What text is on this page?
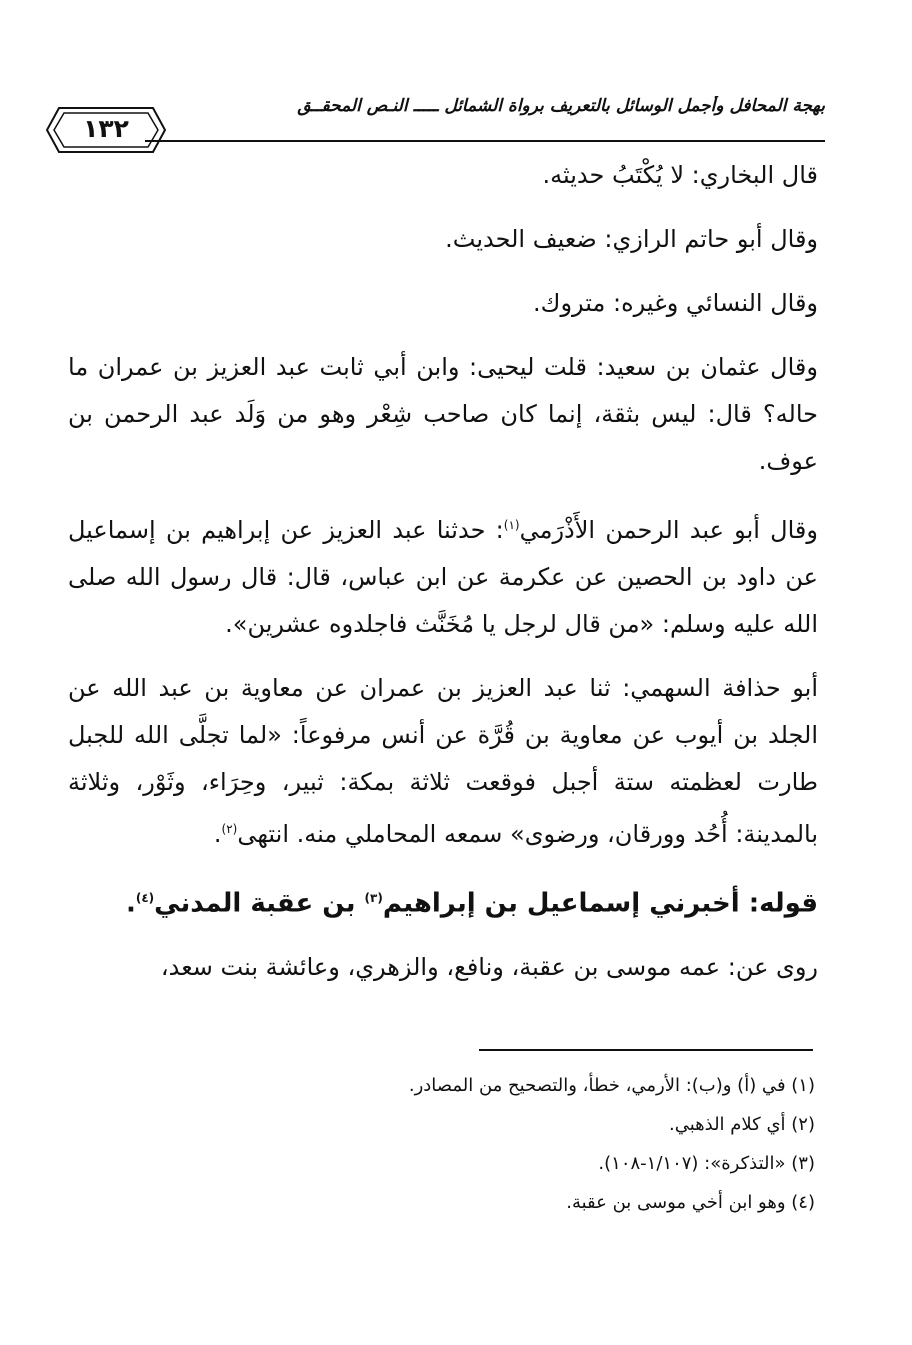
بهجة المحافل وأجمل الوسائل بالتعريف برواة الشمائل ـــــ النـص المحقــق
١٣٢

قال البخاري: لا يُكْتَبُ حديثه.

وقال أبو حاتم الرازي: ضعيف الحديث.

وقال النسائي وغيره: متروك.

وقال عثمان بن سعيد: قلت ليحيى: وابن أبي ثابت عبد العزيز بن عمران ما حاله؟ قال: ليس بثقة، إنما كان صاحب شِعْر وهو من وَلَد عبد الرحمن بن عوف.

وقال أبو عبد الرحمن الأَذْرَمي$^{(١)}$: حدثنا عبد العزيز عن إبراهيم بن إسماعيل عن داود بن الحصين عن عكرمة عن ابن عباس، قال: قال رسول الله صلى الله عليه وسلم: «من قال لرجل يا مُخَنَّث فاجلدوه عشرين».

أبو حذافة السهمي: ثنا عبد العزيز بن عمران عن معاوية بن عبد الله عن الجلد بن أيوب عن معاوية بن قُرَّة عن أنس مرفوعاً: «لما تجلَّى الله للجبل طارت لعظمته ستة أجبل فوقعت ثلاثة بمكة: ثبير، وحِرَاء، وثَوْر، وثلاثة بالمدينة: أُحُد وورقان، ورضوى» سمعه المحاملي منه. انتهى$^{(٢)}$.

قوله: أخبرني إسماعيل بن إبراهيم$^{(٣)}$ بن عقبة المدني$^{(٤)}$.

روى عن: عمه موسى بن عقبة، ونافع، والزهري، وعائشة بنت سعد،

(١) في (أ) و(ب): الأرمي، خطأ، والتصحيح من المصادر.
(٢) أي كلام الذهبي.
(٣) «التذكرة»: (١/١٠٧-١٠٨).
(٤) وهو ابن أخي موسى بن عقبة.
